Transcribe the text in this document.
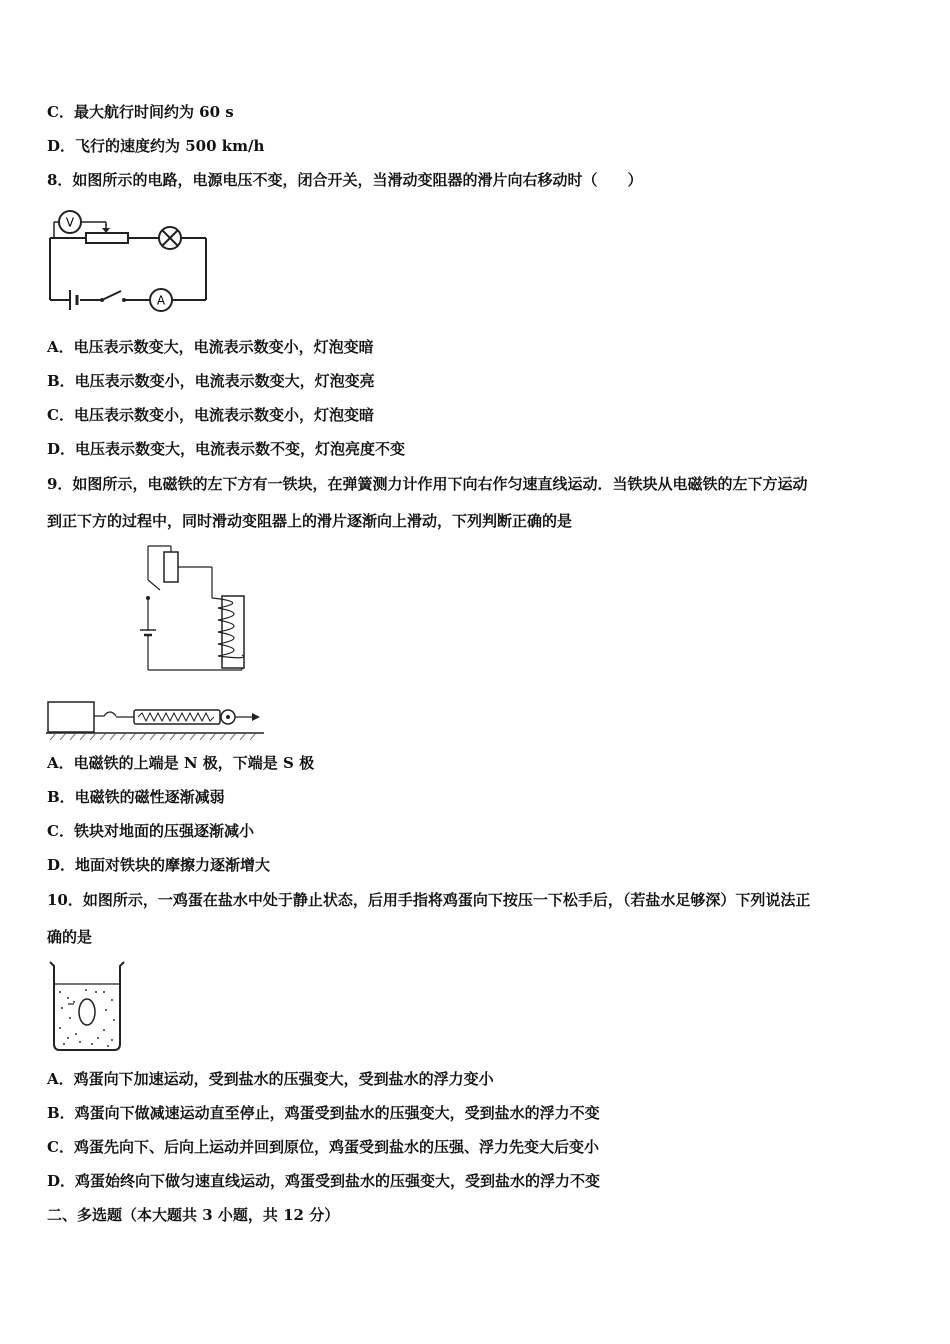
C．最大航行时间约为 60 s
D．飞行的速度约为 500 km/h
8．如图所示的电路，电源电压不变，闭合开关，当滑动变阻器的滑片向右移动时（　　）
A
V
A．电压表示数变大，电流表示数变小，灯泡变暗
B．电压表示数变小，电流表示数变大，灯泡变亮
C．电压表示数变小，电流表示数变小，灯泡变暗
D．电压表示数变大，电流表示数不变，灯泡亮度不变
9．如图所示，电磁铁的左下方有一铁块，在弹簧测力计作用下向右作匀速直线运动．当铁块从电磁铁的左下方运动
到正下方的过程中，同时滑动变阻器上的滑片逐渐向上滑动，下列判断正确的是
A．电磁铁的上端是 N 极，下端是 S 极
B．电磁铁的磁性逐渐减弱
C．铁块对地面的压强逐渐减小
D．地面对铁块的摩擦力逐渐增大
10．如图所示，一鸡蛋在盐水中处于静止状态，后用手指将鸡蛋向下按压一下松手后，（若盐水足够深）下列说法正
确的是
A．鸡蛋向下加速运动，受到盐水的压强变大，受到盐水的浮力变小
B．鸡蛋向下做减速运动直至停止，鸡蛋受到盐水的压强变大，受到盐水的浮力不变
C．鸡蛋先向下、后向上运动并回到原位，鸡蛋受到盐水的压强、浮力先变大后变小
D．鸡蛋始终向下做匀速直线运动，鸡蛋受到盐水的压强变大，受到盐水的浮力不变
二、多选题（本大题共 3 小题，共 12 分）
